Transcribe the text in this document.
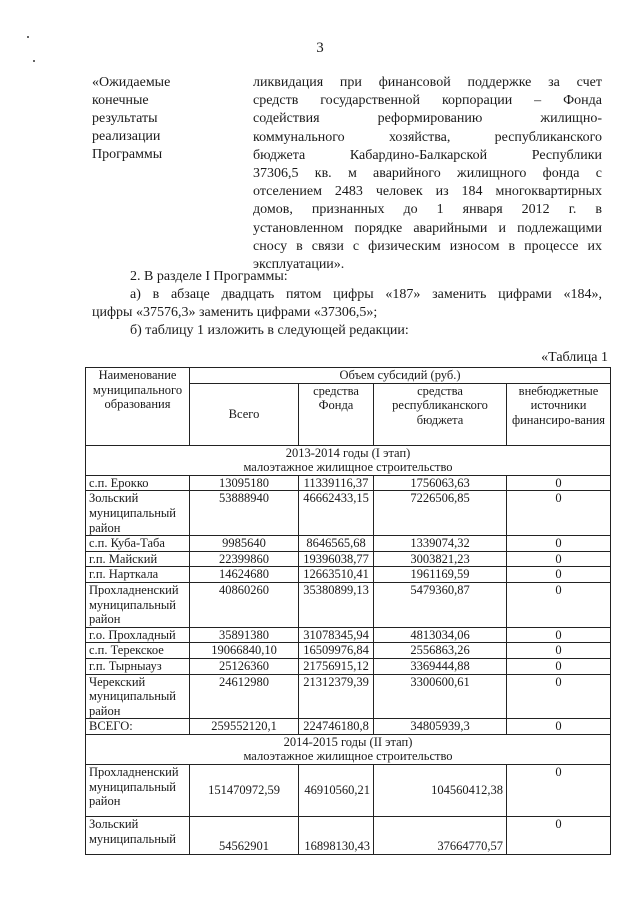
3
«Ожидаемые
конечные
результаты
реализации
Программы
ликвидация при финансовой поддержке за счет
средств государственной корпорации – Фонда
содействия реформированию жилищно-
коммунального хозяйства, республиканского
бюджета Кабардино-Балкарской Республики
37306,5 кв. м аварийного жилищного фонда с
отселением 2483 человек из 184 многоквартирных
домов, признанных до 1 января 2012 г. в
установленном порядке аварийными и подлежащими
сносу в связи с физическим износом в процессе их
эксплуатации».
2. В разделе I Программы:
а) в абзаце двадцать пятом цифры «187» заменить цифрами «184»,
цифры «37576,3» заменить цифрами «37306,5»;
б) таблицу 1 изложить в следующей редакции:
«Таблица 1
Наименование муниципального образования	Объем субсидий (руб.)			
	Всего	средства Фонда	средства республиканского бюджета	внебюджетные источники финансиро-вания

2013-2014 годы (I этап)
малоэтажное жилищное строительство				

с.п. Ерокко	13095180	11339116,37	1756063,63	0
Зольский муниципальный район	53888940	46662433,15	7226506,85	0
с.п. Куба-Таба	9985640	8646565,68	1339074,32	0
г.п. Майский	22399860	19396038,77	3003821,23	0
г.п. Нарткала	14624680	12663510,41	1961169,59	0
Прохладненский муниципальный район	40860260	35380899,13	5479360,87	0
г.о. Прохладный	35891380	31078345,94	4813034,06	0
с.п. Терекское	19066840,10	16509976,84	2556863,26	0
г.п. Тырныауз	25126360	21756915,12	3369444,88	0
Черекский муниципальный район	24612980	21312379,39	3300600,61	0
ВСЕГО:	259552120,1	224746180,8	34805939,3	0

2014-2015 годы (II этап)
малоэтажное жилищное строительство				

Прохладненский муниципальный район	151470972,59	46910560,21	104560412,38	0
Зольский муниципальный	54562901	16898130,43	37664770,57	0
